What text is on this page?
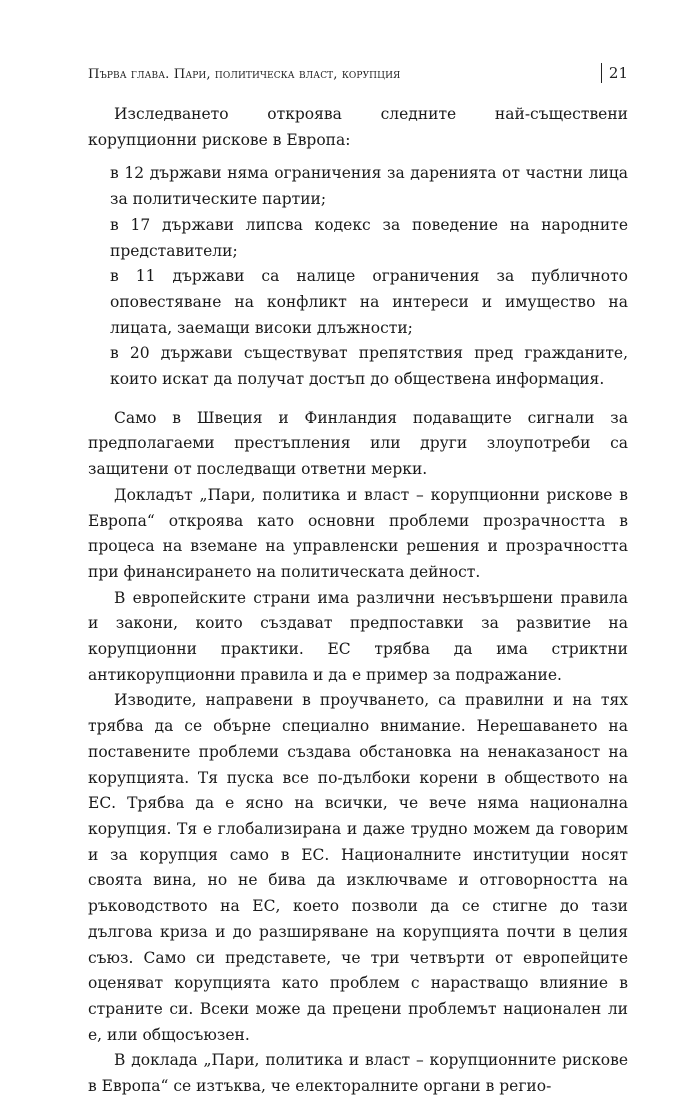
Първа глава. Пари, политическа власт, корупция	21

Изследването откроява следните най-съществени корупционни рискове в Европа:

в 12 държави няма ограничения за даренията от частни лица за политическите партии;
в 17 държави липсва кодекс за поведение на народните представители;
в 11 държави са налице ограничения за публичното оповестяване на конфликт на интереси и имущество на лицата, заемащи високи длъжности;
в 20 държави съществуват препятствия пред гражданите, които искат да получат достъп до обществена информация.

Само в Швеция и Финландия подаващите сигнали за предполагаеми престъпления или други злоупотреби са защитени от последващи ответни мерки.

Докладът „Пари, политика и власт – корупционни рискове в Европа“ откроява като основни проблеми прозрачността в процеса на вземане на управленски решения и прозрачността при финансирането на политическата дейност.

В европейските страни има различни несъвършени правила и закони, които създават предпоставки за развитие на корупционни практики. ЕС трябва да има стриктни антикорупционни правила и да е пример за подражание.

Изводите, направени в проучването, са правилни и на тях трябва да се обърне специално внимание. Нерешаването на поставените проблеми създава обстановка на ненаказаност на корупцията. Тя пуска все по-дълбоки корени в обществото на ЕС. Трябва да е ясно на всички, че вече няма национална корупция. Тя е глобализирана и даже трудно можем да говорим и за корупция само в ЕС. Националните институции носят своята вина, но не бива да изключваме и отговорността на ръководството на ЕС, което позволи да се стигне до тази дългова криза и до разширяване на корупцията почти в целия съюз. Само си представете, че три четвърти от европейците оценяват корупцията като проблем с нарастващо влияние в страните си. Всеки може да прецени проблемът национален ли е, или общосъюзен.

В доклада „Пари, политика и власт – корупционните рискове в Европа“ се изтъква, че електоралните органи в регио-
